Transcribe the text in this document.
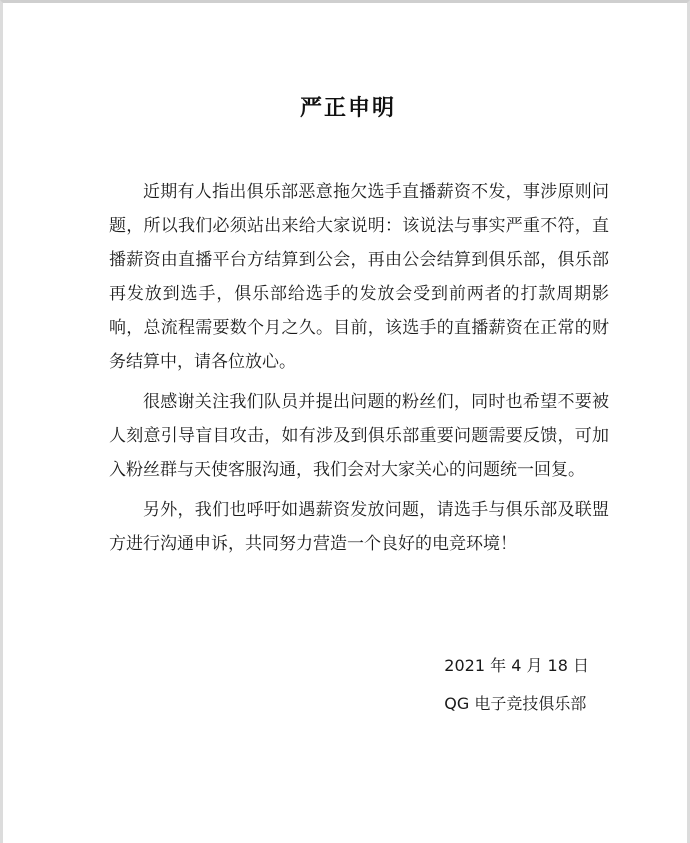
严正申明

近期有人指出俱乐部恶意拖欠选手直播薪资不发，事涉原则问题，所以我们必须站出来给大家说明：该说法与事实严重不符，直播薪资由直播平台方结算到公会，再由公会结算到俱乐部，俱乐部再发放到选手，俱乐部给选手的发放会受到前两者的打款周期影响，总流程需要数个月之久。目前，该选手的直播薪资在正常的财务结算中，请各位放心。

很感谢关注我们队员并提出问题的粉丝们，同时也希望不要被人刻意引导盲目攻击，如有涉及到俱乐部重要问题需要反馈，可加入粉丝群与天使客服沟通，我们会对大家关心的问题统一回复。

另外，我们也呼吁如遇薪资发放问题，请选手与俱乐部及联盟方进行沟通申诉，共同努力营造一个良好的电竞环境！

2021 年 4 月 18 日
QG 电子竞技俱乐部
